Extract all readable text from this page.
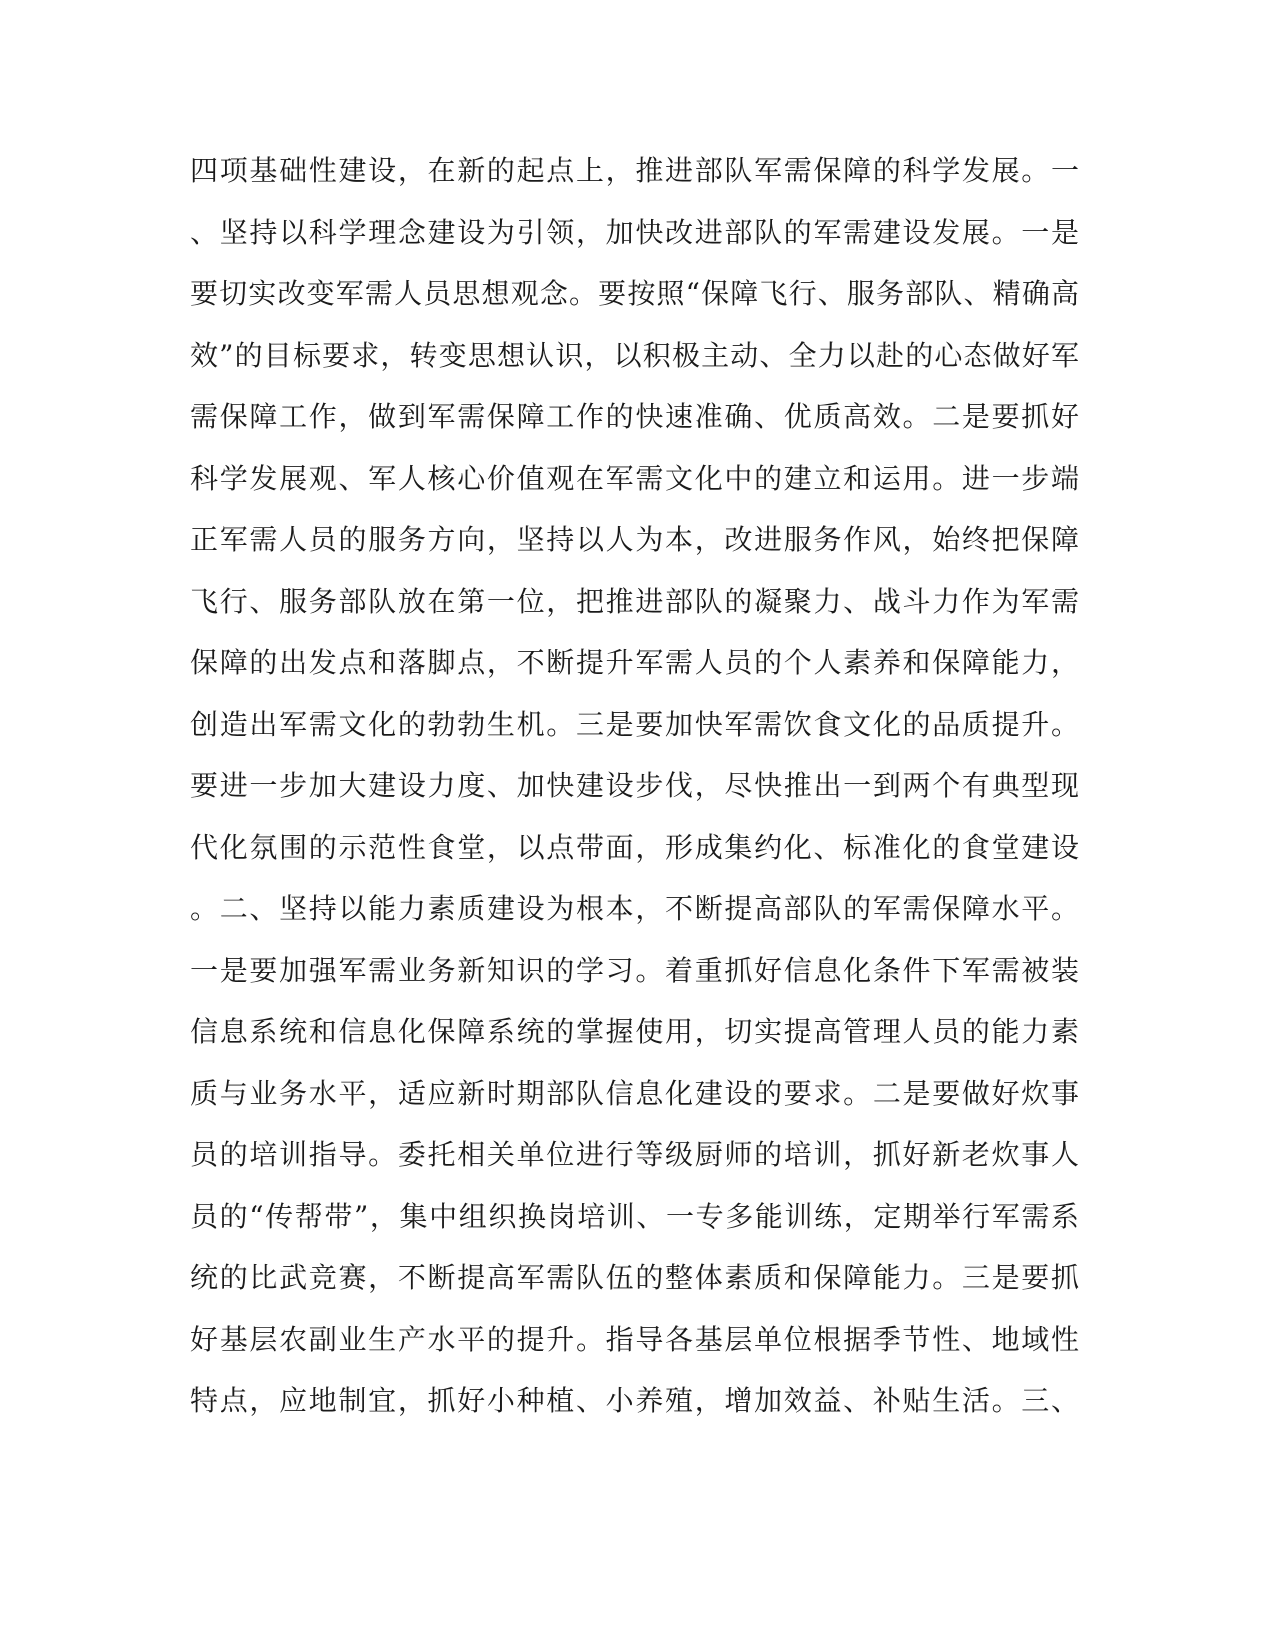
四项基础性建设，在新的起点上，推进部队军需保障的科学发展。一
、坚持以科学理念建设为引领，加快改进部队的军需建设发展。一是
要切实改变军需人员思想观念。要按照“保障飞行、服务部队、精确高
效”的目标要求，转变思想认识，以积极主动、全力以赴的心态做好军
需保障工作，做到军需保障工作的快速准确、优质高效。二是要抓好
科学发展观、军人核心价值观在军需文化中的建立和运用。进一步端
正军需人员的服务方向，坚持以人为本，改进服务作风，始终把保障
飞行、服务部队放在第一位，把推进部队的凝聚力、战斗力作为军需
保障的出发点和落脚点，不断提升军需人员的个人素养和保障能力，
创造出军需文化的勃勃生机。三是要加快军需饮食文化的品质提升。
要进一步加大建设力度、加快建设步伐，尽快推出一到两个有典型现
代化氛围的示范性食堂，以点带面，形成集约化、标准化的食堂建设
。二、坚持以能力素质建设为根本，不断提高部队的军需保障水平。
一是要加强军需业务新知识的学习。着重抓好信息化条件下军需被装
信息系统和信息化保障系统的掌握使用，切实提高管理人员的能力素
质与业务水平，适应新时期部队信息化建设的要求。二是要做好炊事
员的培训指导。委托相关单位进行等级厨师的培训，抓好新老炊事人
员的“传帮带”，集中组织换岗培训、一专多能训练，定期举行军需系
统的比武竞赛，不断提高军需队伍的整体素质和保障能力。三是要抓
好基层农副业生产水平的提升。指导各基层单位根据季节性、地域性
特点，应地制宜，抓好小种植、小养殖，增加效益、补贴生活。三、
